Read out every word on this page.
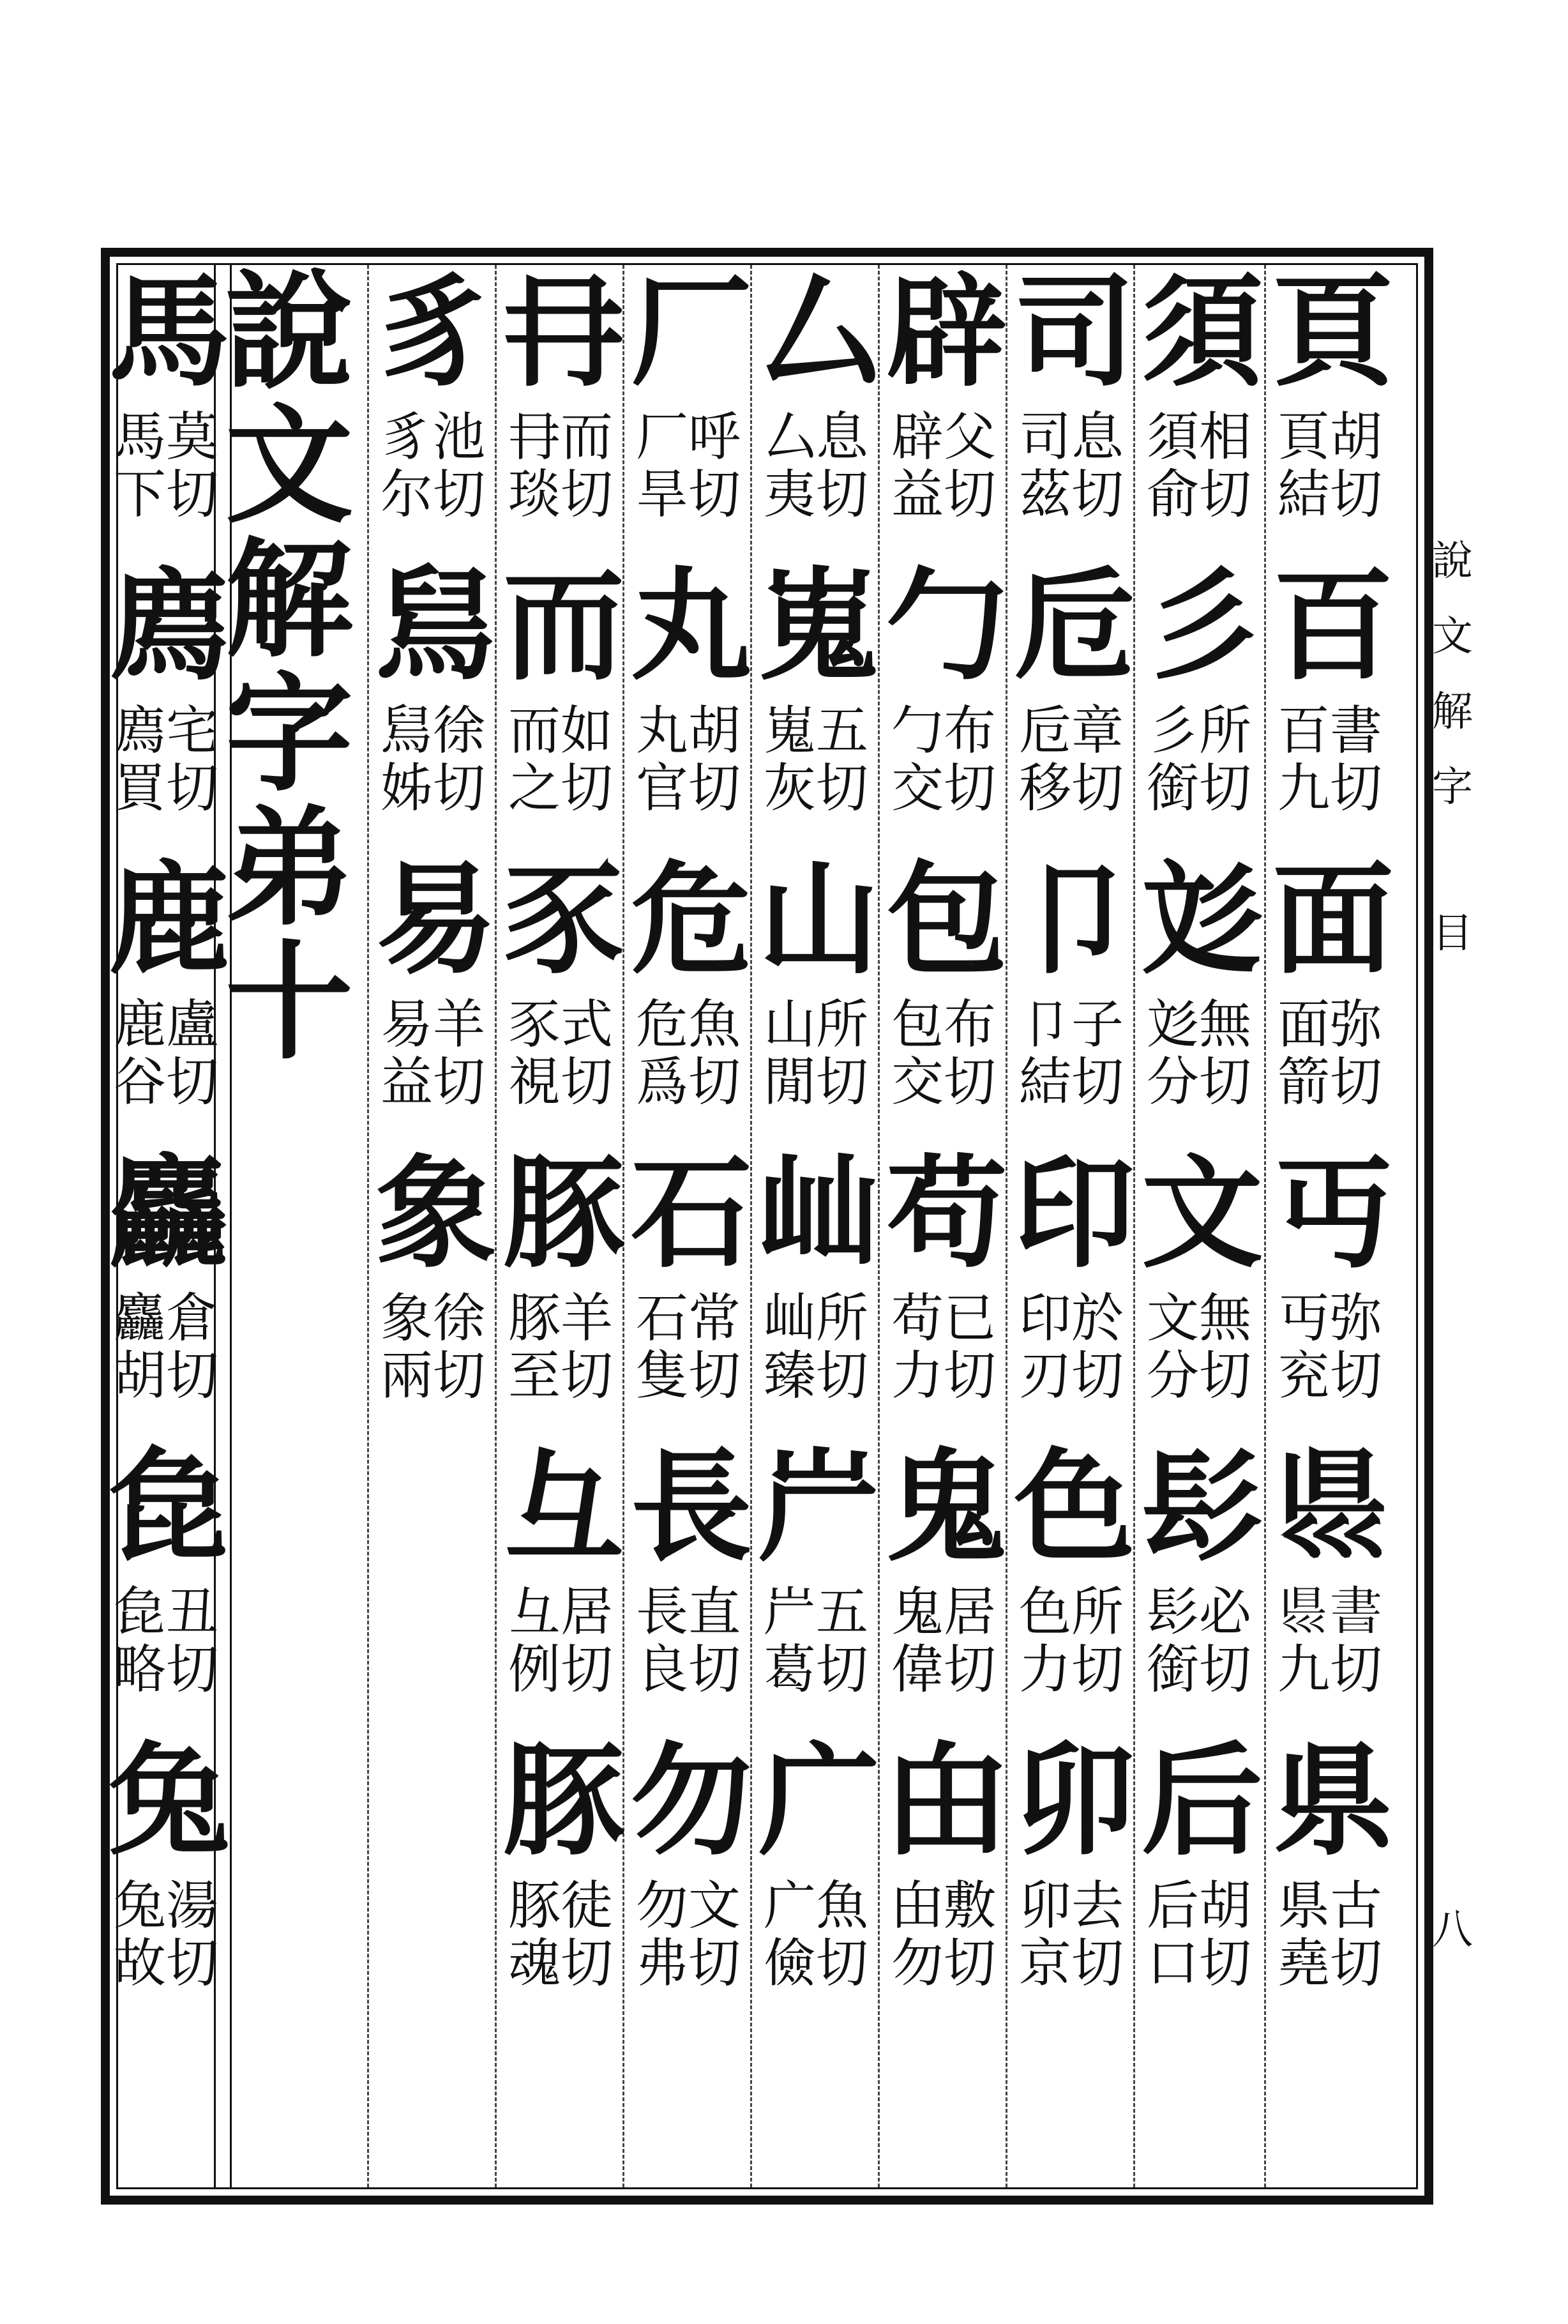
頁
頁胡
結切
百
百書
九切
面
面弥
箭切
丏
丏弥
兖切
𥄉
𥄉書
九切
県
県古
堯切
須
須相
俞切
彡
彡所
銜切
彣
彣無
分切
文
文無
分切
髟
髟必
銜切
后
后胡
口切
司
司息
茲切
卮
卮章
移切
卩
卩子
結切
印
印於
刃切
色
色所
力切
卯
卯去
京切
辟
辟父
益切
勹
勹布
交切
包
包布
交切
苟
苟已
力切
鬼
鬼居
偉切
甶
甶敷
勿切
厶
厶息
夷切
嵬
嵬五
灰切
山
山所
閒切
屾
屾所
臻切
屵
屵五
葛切
广
广魚
儉切
厂
厂呼
旱切
丸
丸胡
官切
危
危魚
爲切
石
石常
隻切
長
長直
良切
勿
勿文
弗切
冄
冄而
琰切
而
而如
之切
豕
豕式
視切
豚
豚羊
至切
彑
彑居
例切
豚
豚徒
魂切
豸
豸池
尔切
舃
舃徐
姊切
易
易羊
益切
象
象徐
兩切
說
文
解
字
弟
十
馬
馬莫
下切
廌
廌宅
買切
鹿
鹿盧
谷切
麤
麤倉
胡切
㲋
㲋丑
略切
兔
兔湯
故切
說
文
解
字
目
八
